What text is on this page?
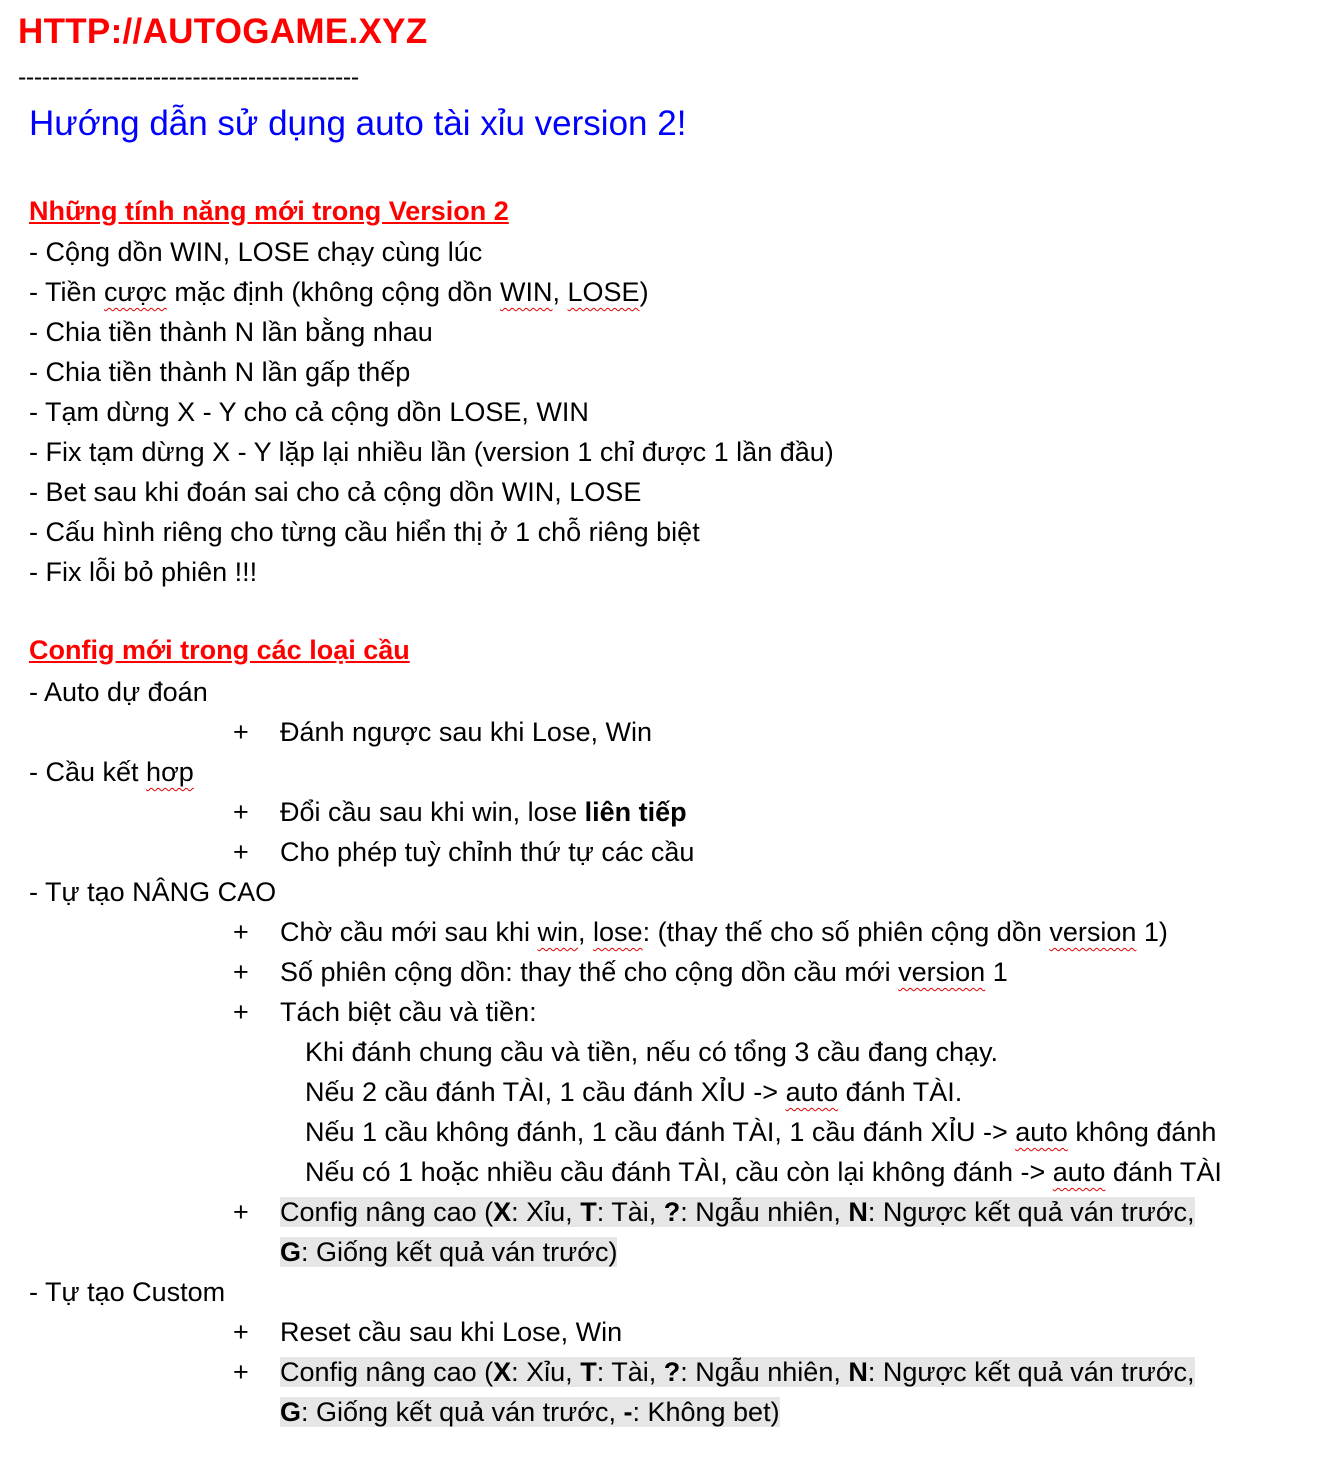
HTTP://AUTOGAME.XYZ
-------------------------------------------
Hướng dẫn sử dụng auto tài xỉu version 2!
Những tính năng mới trong Version 2
- Cộng dồn WIN, LOSE chạy cùng lúc
- Tiền cược mặc định (không cộng dồn WIN, LOSE)
- Chia tiền thành N lần bằng nhau
- Chia tiền thành N lần gấp thếp
- Tạm dừng X - Y cho cả cộng dồn LOSE, WIN
- Fix tạm dừng X - Y lặp lại nhiều lần (version 1 chỉ được 1 lần đầu)
- Bet sau khi đoán sai cho cả cộng dồn WIN, LOSE
- Cấu hình riêng cho từng cầu hiển thị ở 1 chỗ riêng biệt
- Fix lỗi bỏ phiên !!!
Config mới trong các loại cầu
- Auto dự đoán
+ Đánh ngược sau khi Lose, Win
- Cầu kết hơp
+ Đổi cầu sau khi win, lose liên tiếp
+ Cho phép tuỳ chỉnh thứ tự các cầu
- Tự tạo NÂNG CAO
+ Chờ cầu mới sau khi win, lose: (thay thế cho số phiên cộng dồn version 1)
+ Số phiên cộng dồn: thay thế cho cộng dồn cầu mới version 1
+ Tách biệt cầu và tiền:
Khi đánh chung cầu và tiền, nếu có tổng 3 cầu đang chạy.
Nếu 2 cầu đánh TÀI, 1 cầu đánh XỈU -> auto đánh TÀI.
Nếu 1 cầu không đánh, 1 cầu đánh TÀI, 1 cầu đánh XỈU -> auto không đánh
Nếu có 1 hoặc nhiều cầu đánh TÀI, cầu còn lại không đánh -> auto đánh TÀI
+ Config nâng cao (X: Xỉu, T: Tài, ?: Ngẫu nhiên, N: Ngược kết quả ván trước,
G: Giống kết quả ván trước)
- Tự tạo Custom
+ Reset cầu sau khi Lose, Win
+ Config nâng cao (X: Xỉu, T: Tài, ?: Ngẫu nhiên, N: Ngược kết quả ván trước,
G: Giống kết quả ván trước, -: Không bet)
